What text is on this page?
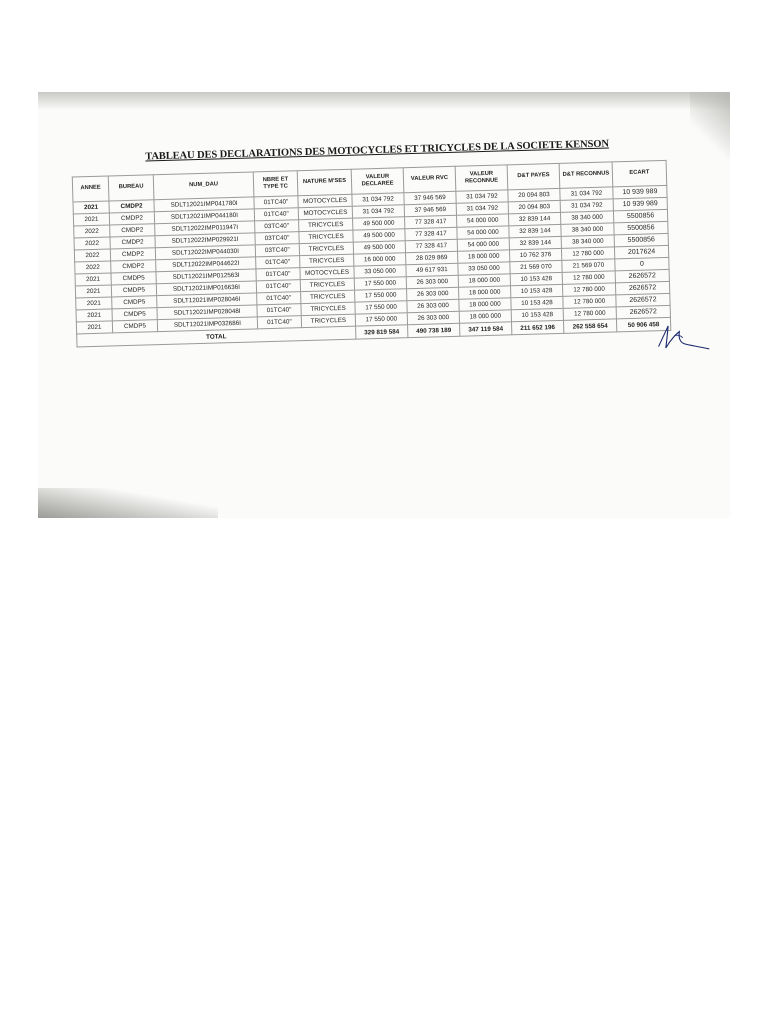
TABLEAU DES DECLARATIONS DES MOTOCYCLES ET TRICYCLES DE LA SOCIETE KENSON
ANNEE	BUREAU	NUM_DAU	NBRE ET TYPE TC	NATURE M'SES	VALEUR DECLAREE	VALEUR RVC	VALEUR RECONNUE	D&T PAYES	D&T RECONNUS	ECART
2021	CMDP2	SDLT12021IMP041780I	01TC40"	MOTOCYCLES	31 034 792	37 946 569	31 034 792	20 094 803	31 034 792	10 939 989
2021	CMDP2	SDLT12021IMP044180I	01TC40''	MOTOCYCLES	31 034 792	37 946 569	31 034 792	20 094 803	31 034 792	10 939 989
2022	CMDP2	SDLT12022IMP011947I	03TC40''	TRICYCLES	49 500 000	77 328 417	54 000 000	32 839 144	38 340 000	5500856
2022	CMDP2	SDLT12022IMP029921I	03TC40''	TRICYCLES	49 500 000	77 328 417	54 000 000	32 839 144	38 340 000	5500856
2022	CMDP2	SDLT12022IMP044030I	03TC40''	TRICYCLES	49 500 000	77 328 417	54 000 000	32 839 144	38 340 000	5500856
2022	CMDP2	SDLT12022IMP044622I	01TC40''	TRICYCLES	16 000 000	28 029 869	18 000 000	10 762 376	12 780 000	2017624
2021	CMDP5	SDLT12021IMP012563I	01TC40''	MOTOCYCLES	33 050 000	49 617 931	33 050 000	21 569 070	21 569 070	0
2021	CMDP5	SDLT12021IMP016636I	01TC40''	TRICYCLES	17 550 000	26 303 000	18 000 000	10 153 428	12 780 000	2626572
2021	CMDP5	SDLT12021IMP028046I	01TC40''	TRICYCLES	17 550 000	26 303 000	18 000 000	10 153 428	12 780 000	2626572
2021	CMDP5	SDLT12021IMP028048I	01TC40''	TRICYCLES	17 550 000	26 303 000	18 000 000	10 153 428	12 780 000	2626572
2021	CMDP5	SDLT12021IMP032686I	01TC40''	TRICYCLES	17 550 000	26 303 000	18 000 000	10 153 428	12 780 000	2626572
TOTAL					329 819 584	490 738 189	347 119 584	211 652 196	262 558 654	50 906 458
